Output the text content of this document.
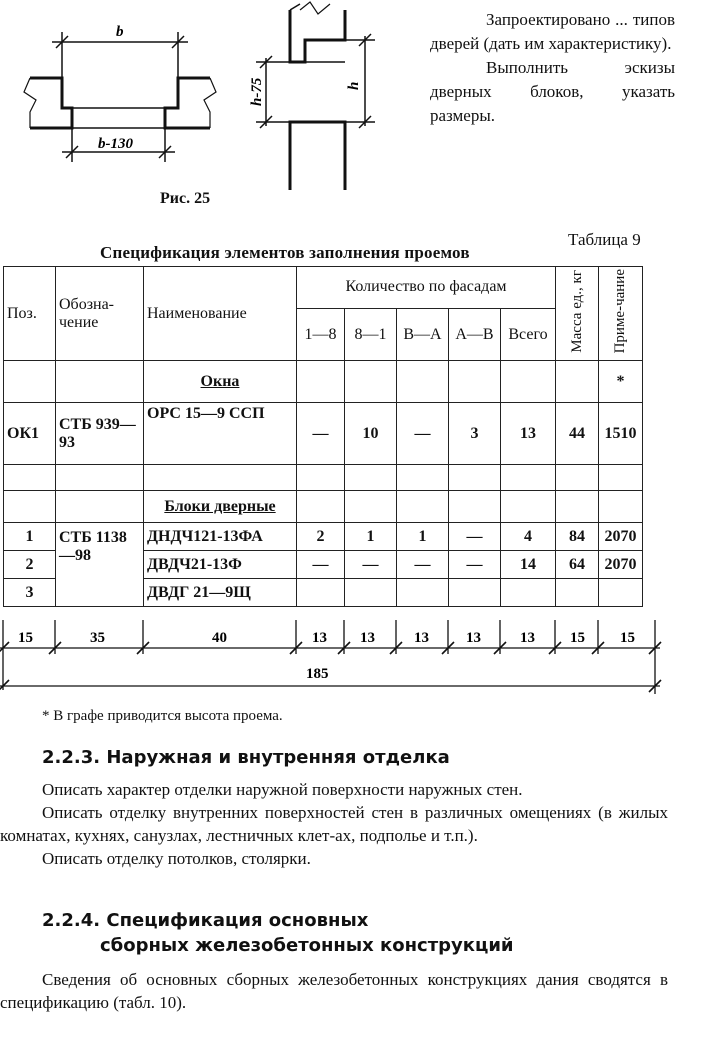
b
b-130
h-75	h

Запроектировано ... типов дверей (дать им характеристику).

Выполнить эскизы дверных блоков, указать размеры.

Рис. 25
Таблица 9
Спецификация элементов заполнения проемов
Поз.	Обозна-чение	Наименование	Количество по фасадам					Масса ед., кг	Приме-чание
			1—8	8—1	В—А	А—В	Всего		
		Окна							*
ОК1	СТБ 939—93	ОРС 15—9 ССП	—	10	—	3	13	44	1510

		Блоки дверные							
1	СТБ 1138—98	ДНДЧ121-13ФА	2	1	1	—	4	84	2070
2		ДВДЧ21-13Ф	—	—	—	—	14	64	2070
3		ДВДГ 21—9Щ							
15	35	40	13 13	13 13	13 15 15
185
* В графе приводится высота проема.
2.2.3. Наружная и внутренняя отделка

Описать характер отделки наружной поверхности наружных стен.

Описать отделку внутренних поверхностей стен в различных омещениях (в жилых комнатах, кухнях, санузлах, лестничных клет-ах, подполье и т.п.).

Описать отделку потолков, столярки.

2.2.4. Спецификация основных
сборных железобетонных конструкций

Сведения об основных сборных железобетонных конструкциях дания сводятся в спецификацию (табл. 10).
